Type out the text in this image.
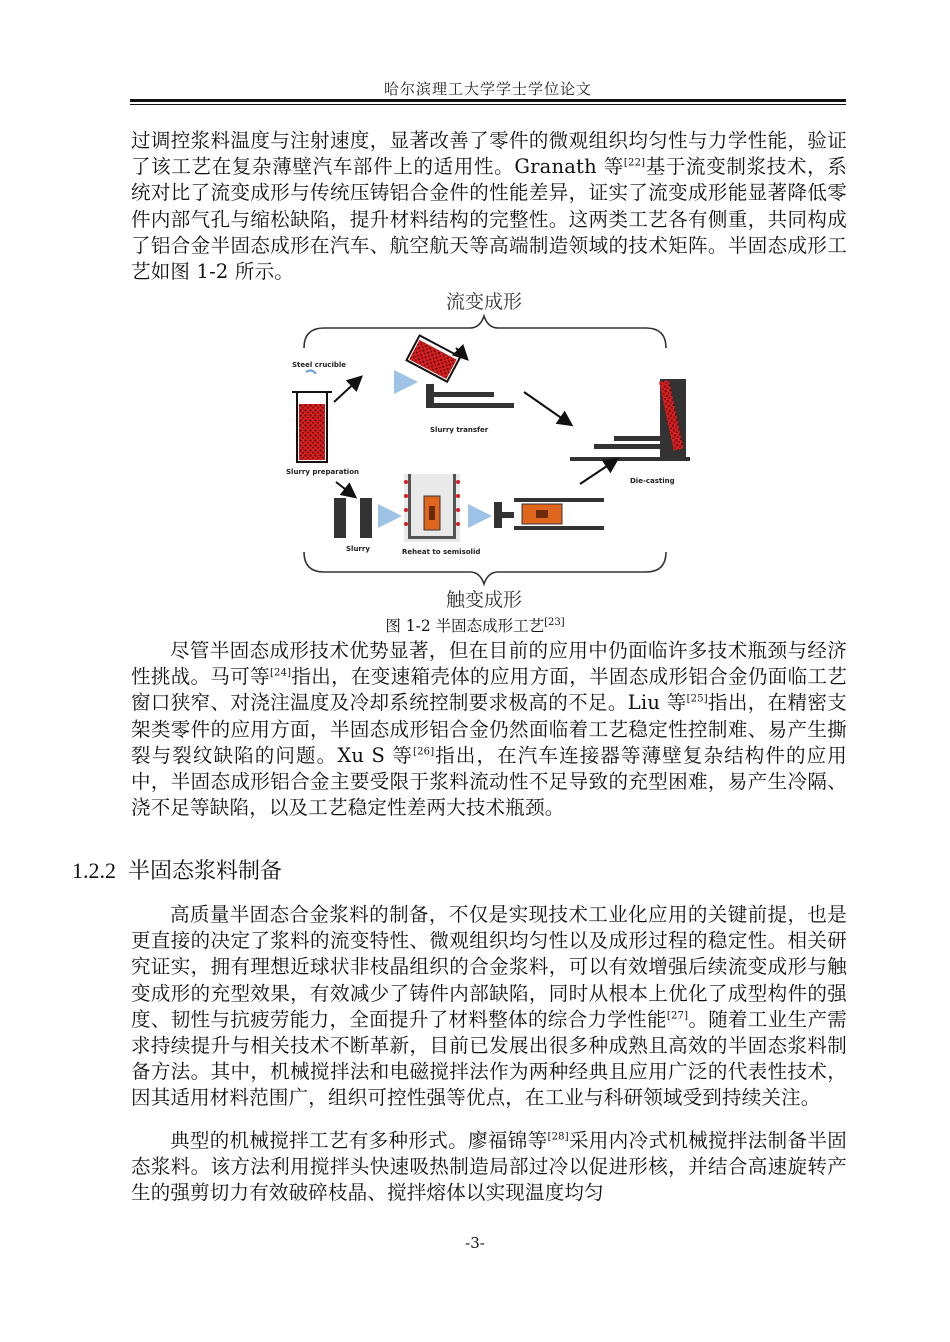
哈尔滨理工大学学士学位论文
过调控浆料温度与注射速度，显著改善了零件的微观组织均匀性与力学性能，验证了该工艺在复杂薄壁汽车部件上的适用性。Granath 等[22]基于流变制浆技术，系统对比了流变成形与传统压铸铝合金件的性能差异，证实了流变成形能显著降低零件内部气孔与缩松缺陷，提升材料结构的完整性。这两类工艺各有侧重，共同构成了铝合金半固态成形在汽车、航空航天等高端制造领域的技术矩阵。半固态成形工艺如图 1-2 所示。
流变成形
Steel crucible
Slurry preparation
Slurry transfer
Die-casting
Slurry	Reheat to semisolid
触变成形
图 1-2 半固态成形工艺[23]
尽管半固态成形技术优势显著，但在目前的应用中仍面临许多技术瓶颈与经济性挑战。马可等[24]指出，在变速箱壳体的应用方面，半固态成形铝合金仍面临工艺窗口狭窄、对浇注温度及冷却系统控制要求极高的不足。Liu 等[25]指出，在精密支架类零件的应用方面，半固态成形铝合金仍然面临着工艺稳定性控制难、易产生撕裂与裂纹缺陷的问题。Xu S 等[26]指出，在汽车连接器等薄壁复杂结构件的应用中，半固态成形铝合金主要受限于浆料流动性不足导致的充型困难，易产生冷隔、浇不足等缺陷，以及工艺稳定性差两大技术瓶颈。
1.2.2 半固态浆料制备
高质量半固态合金浆料的制备，不仅是实现技术工业化应用的关键前提，也是更直接的决定了浆料的流变特性、微观组织均匀性以及成形过程的稳定性。相关研究证实，拥有理想近球状非枝晶组织的合金浆料，可以有效增强后续流变成形与触变成形的充型效果，有效减少了铸件内部缺陷，同时从根本上优化了成型构件的强度、韧性与抗疲劳能力，全面提升了材料整体的综合力学性能[27]。随着工业生产需求持续提升与相关技术不断革新，目前已发展出很多种成熟且高效的半固态浆料制备方法。其中，机械搅拌法和电磁搅拌法作为两种经典且应用广泛的代表性技术，因其适用材料范围广，组织可控性强等优点，在工业与科研领域受到持续关注。
典型的机械搅拌工艺有多种形式。廖福锦等[28]采用内冷式机械搅拌法制备半固态浆料。该方法利用搅拌头快速吸热制造局部过冷以促进形核，并结合高速旋转产生的强剪切力有效破碎枝晶、搅拌熔体以实现温度均匀
-3-
